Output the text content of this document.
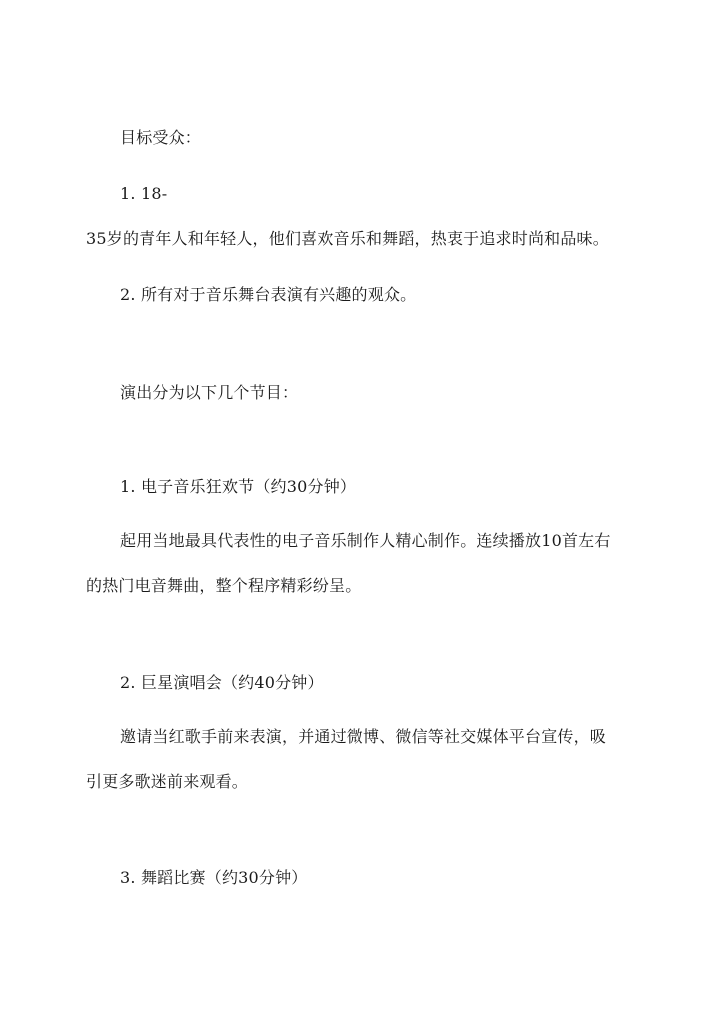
目标受众：
1. 18-
35岁的青年人和年轻人，他们喜欢音乐和舞蹈，热衷于追求时尚和品味。
2. 所有对于音乐舞台表演有兴趣的观众。
演出分为以下几个节目：
1. 电子音乐狂欢节（约30分钟）
起用当地最具代表性的电子音乐制作人精心制作。连续播放10首左右
的热门电音舞曲，整个程序精彩纷呈。
2. 巨星演唱会（约40分钟）
邀请当红歌手前来表演，并通过微博、微信等社交媒体平台宣传，吸
引更多歌迷前来观看。
3. 舞蹈比赛（约30分钟）
